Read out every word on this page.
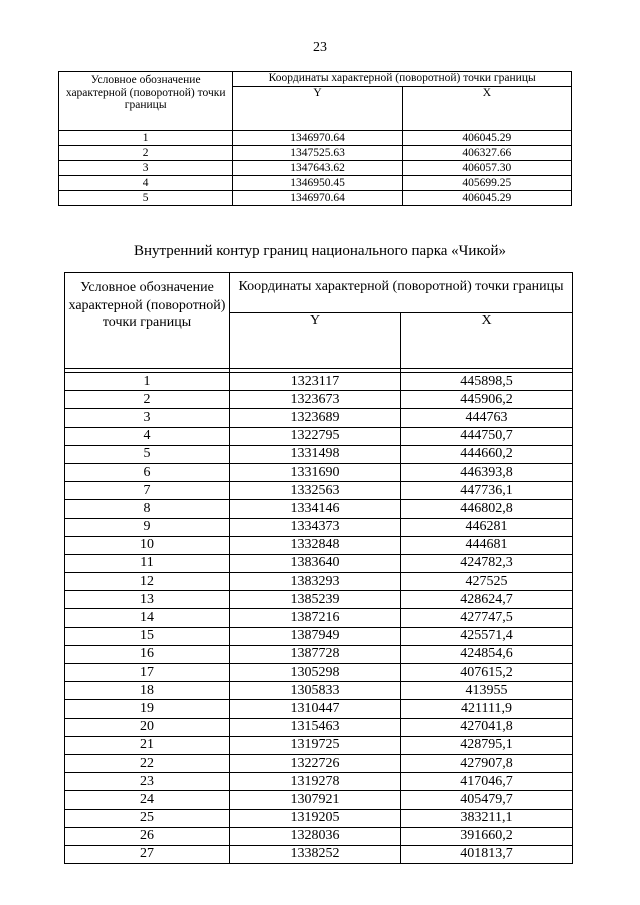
23
Условное обозначение характерной (поворотной) точки границы	Координаты характерной (поворотной) точки границы	
	Y	X
1	1346970.64	406045.29
2	1347525.63	406327.66
3	1347643.62	406057.30
4	1346950.45	405699.25
5	1346970.64	406045.29
Внутренний контур границ национального парка «Чикой»
Условное обозначение характерной (поворотной) точки границы	Координаты характерной (поворотной) точки границы	
	Y	X

1	1323117	445898,5
2	1323673	445906,2
3	1323689	444763
4	1322795	444750,7
5	1331498	444660,2
6	1331690	446393,8
7	1332563	447736,1
8	1334146	446802,8
9	1334373	446281
10	1332848	444681
11	1383640	424782,3
12	1383293	427525
13	1385239	428624,7
14	1387216	427747,5
15	1387949	425571,4
16	1387728	424854,6
17	1305298	407615,2
18	1305833	413955
19	1310447	421111,9
20	1315463	427041,8
21	1319725	428795,1
22	1322726	427907,8
23	1319278	417046,7
24	1307921	405479,7
25	1319205	383211,1
26	1328036	391660,2
27	1338252	401813,7
